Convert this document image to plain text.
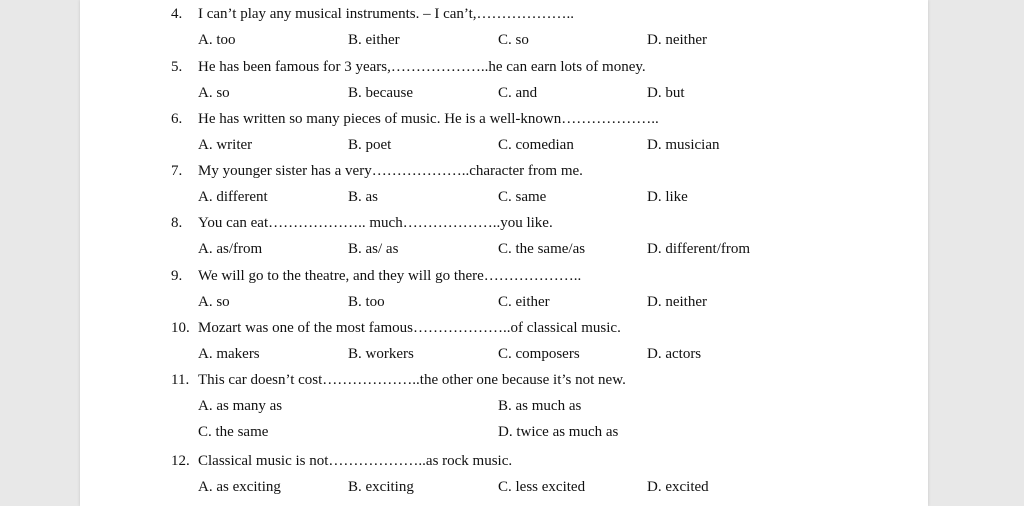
4. I can’t play any musical instruments. – I can’t,………………..
A. too	B. either	C. so	D. neither
5. He has been famous for 3 years,………………..he can earn lots of money.
A. so	B. because	C. and	D. but
6. He has written so many pieces of music. He is a well-known………………..
A. writer	B. poet	C. comedian	D. musician
7. My younger sister has a very………………..character from me.
A. different	B. as	C. same	D. like
8. You can eat……………….. much………………..you like.
A. as/from	B. as/ as	C. the same/as	D. different/from
9. We will go to the theatre, and they will go there………………..
A. so	B. too	C. either	D. neither
10. Mozart was one of the most famous………………..of classical music.
A. makers	B. workers	C. composers	D. actors
11. This car doesn’t cost………………..the other one because it’s not new.
A. as many as	B. as much as
C. the same	D. twice as much as
12. Classical music is not………………..as rock music.
A. as exciting	B. exciting	C. less excited	D. excited
